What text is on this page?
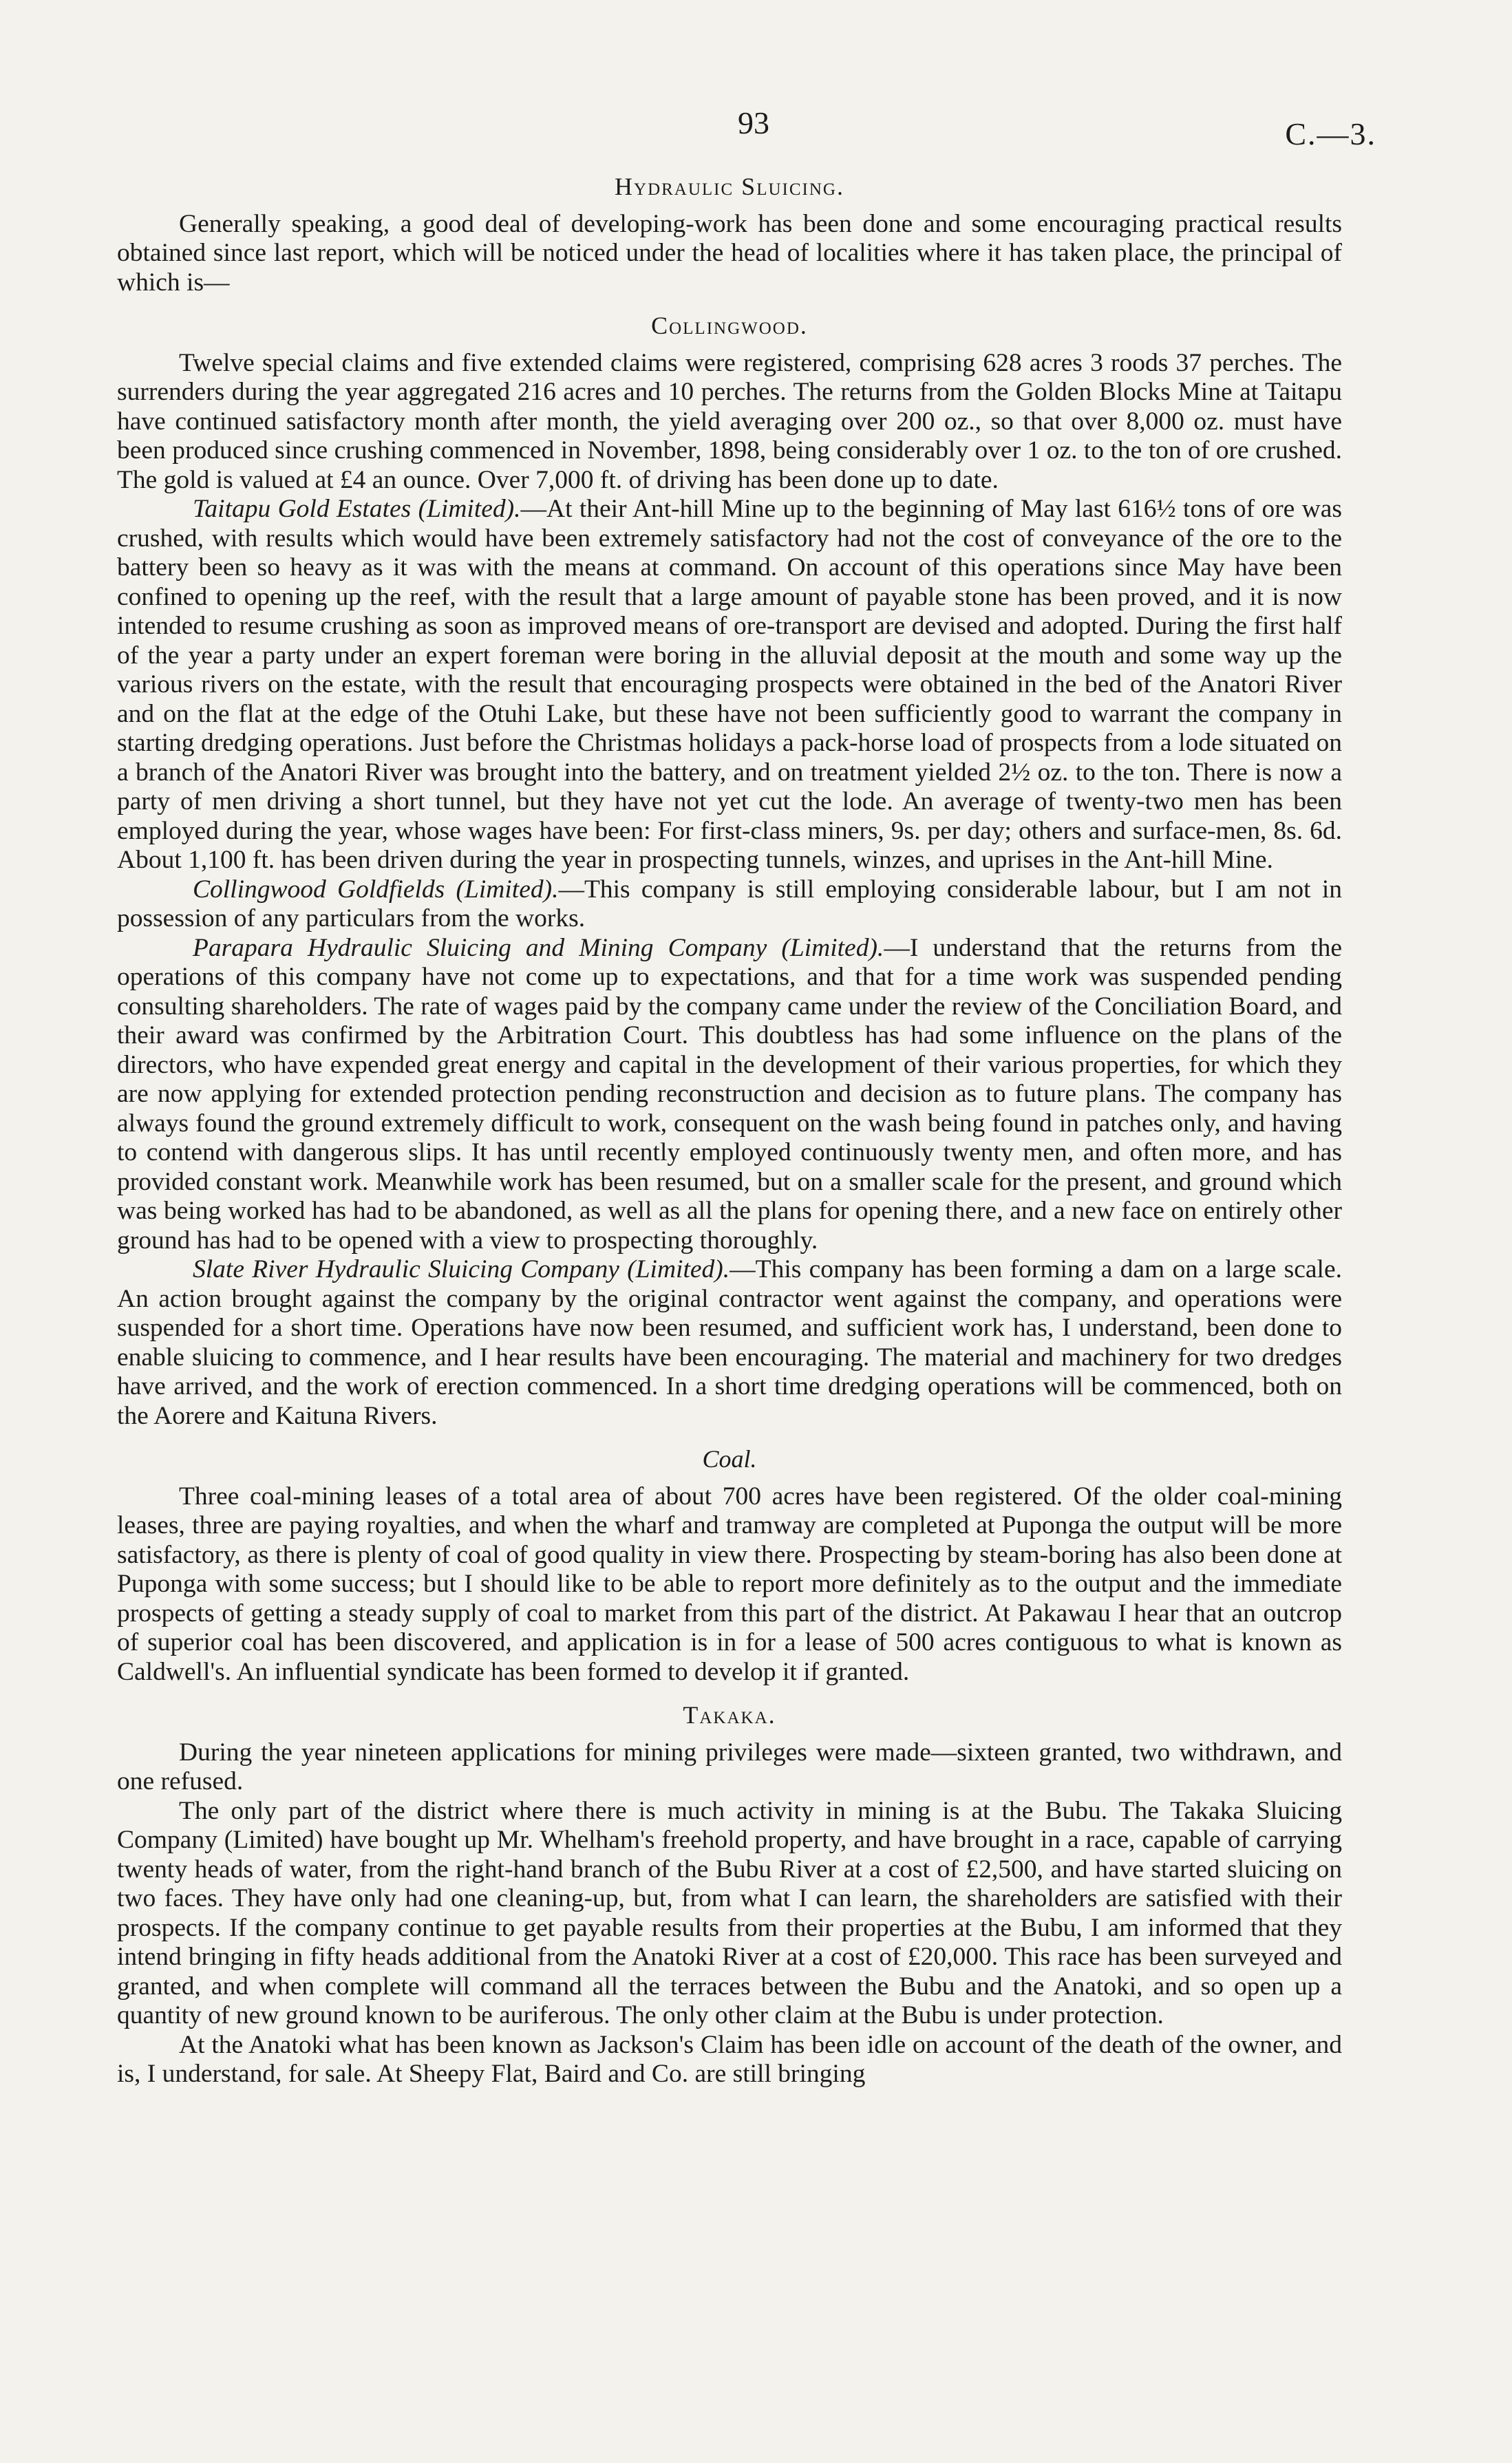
93	C.—3.
Hydraulic Sluicing.

Generally speaking, a good deal of developing-work has been done and some encouraging practical results obtained since last report, which will be noticed under the head of localities where it has taken place, the principal of which is—

Collingwood.

Twelve special claims and five extended claims were registered, comprising 628 acres 3 roods 37 perches. The surrenders during the year aggregated 216 acres and 10 perches. The returns from the Golden Blocks Mine at Taitapu have continued satisfactory month after month, the yield averaging over 200 oz., so that over 8,000 oz. must have been produced since crushing commenced in November, 1898, being considerably over 1 oz. to the ton of ore crushed. The gold is valued at £4 an ounce. Over 7,000 ft. of driving has been done up to date.

Taitapu Gold Estates (Limited).—At their Ant-hill Mine up to the beginning of May last 616½ tons of ore was crushed, with results which would have been extremely satisfactory had not the cost of conveyance of the ore to the battery been so heavy as it was with the means at command. On account of this operations since May have been confined to opening up the reef, with the result that a large amount of payable stone has been proved, and it is now intended to resume crushing as soon as improved means of ore-transport are devised and adopted. During the first half of the year a party under an expert foreman were boring in the alluvial deposit at the mouth and some way up the various rivers on the estate, with the result that encouraging prospects were obtained in the bed of the Anatori River and on the flat at the edge of the Otuhi Lake, but these have not been sufficiently good to warrant the company in starting dredging operations. Just before the Christmas holidays a pack-horse load of prospects from a lode situated on a branch of the Anatori River was brought into the battery, and on treatment yielded 2½ oz. to the ton. There is now a party of men driving a short tunnel, but they have not yet cut the lode. An average of twenty-two men has been employed during the year, whose wages have been: For first-class miners, 9s. per day; others and surface-men, 8s. 6d. About 1,100 ft. has been driven during the year in prospecting tunnels, winzes, and uprises in the Ant-hill Mine.

Collingwood Goldfields (Limited).—This company is still employing considerable labour, but I am not in possession of any particulars from the works.

Parapara Hydraulic Sluicing and Mining Company (Limited).—I understand that the returns from the operations of this company have not come up to expectations, and that for a time work was suspended pending consulting shareholders. The rate of wages paid by the company came under the review of the Conciliation Board, and their award was confirmed by the Arbitration Court. This doubtless has had some influence on the plans of the directors, who have expended great energy and capital in the development of their various properties, for which they are now applying for extended protection pending reconstruction and decision as to future plans. The company has always found the ground extremely difficult to work, consequent on the wash being found in patches only, and having to contend with dangerous slips. It has until recently employed continuously twenty men, and often more, and has provided constant work. Meanwhile work has been resumed, but on a smaller scale for the present, and ground which was being worked has had to be abandoned, as well as all the plans for opening there, and a new face on entirely other ground has had to be opened with a view to prospecting thoroughly.

Slate River Hydraulic Sluicing Company (Limited).—This company has been forming a dam on a large scale. An action brought against the company by the original contractor went against the company, and operations were suspended for a short time. Operations have now been resumed, and sufficient work has, I understand, been done to enable sluicing to commence, and I hear results have been encouraging. The material and machinery for two dredges have arrived, and the work of erection commenced. In a short time dredging operations will be commenced, both on the Aorere and Kaituna Rivers.

Coal.

Three coal-mining leases of a total area of about 700 acres have been registered. Of the older coal-mining leases, three are paying royalties, and when the wharf and tramway are completed at Puponga the output will be more satisfactory, as there is plenty of coal of good quality in view there. Prospecting by steam-boring has also been done at Puponga with some success; but I should like to be able to report more definitely as to the output and the immediate prospects of getting a steady supply of coal to market from this part of the district. At Pakawau I hear that an outcrop of superior coal has been discovered, and application is in for a lease of 500 acres contiguous to what is known as Caldwell's. An influential syndicate has been formed to develop it if granted.

Takaka.

During the year nineteen applications for mining privileges were made—sixteen granted, two withdrawn, and one refused.

The only part of the district where there is much activity in mining is at the Bubu. The Takaka Sluicing Company (Limited) have bought up Mr. Whelham's freehold property, and have brought in a race, capable of carrying twenty heads of water, from the right-hand branch of the Bubu River at a cost of £2,500, and have started sluicing on two faces. They have only had one cleaning-up, but, from what I can learn, the shareholders are satisfied with their prospects. If the company continue to get payable results from their properties at the Bubu, I am informed that they intend bringing in fifty heads additional from the Anatoki River at a cost of £20,000. This race has been surveyed and granted, and when complete will command all the terraces between the Bubu and the Anatoki, and so open up a quantity of new ground known to be auriferous. The only other claim at the Bubu is under protection.

At the Anatoki what has been known as Jackson's Claim has been idle on account of the death of the owner, and is, I understand, for sale. At Sheepy Flat, Baird and Co. are still bringing
